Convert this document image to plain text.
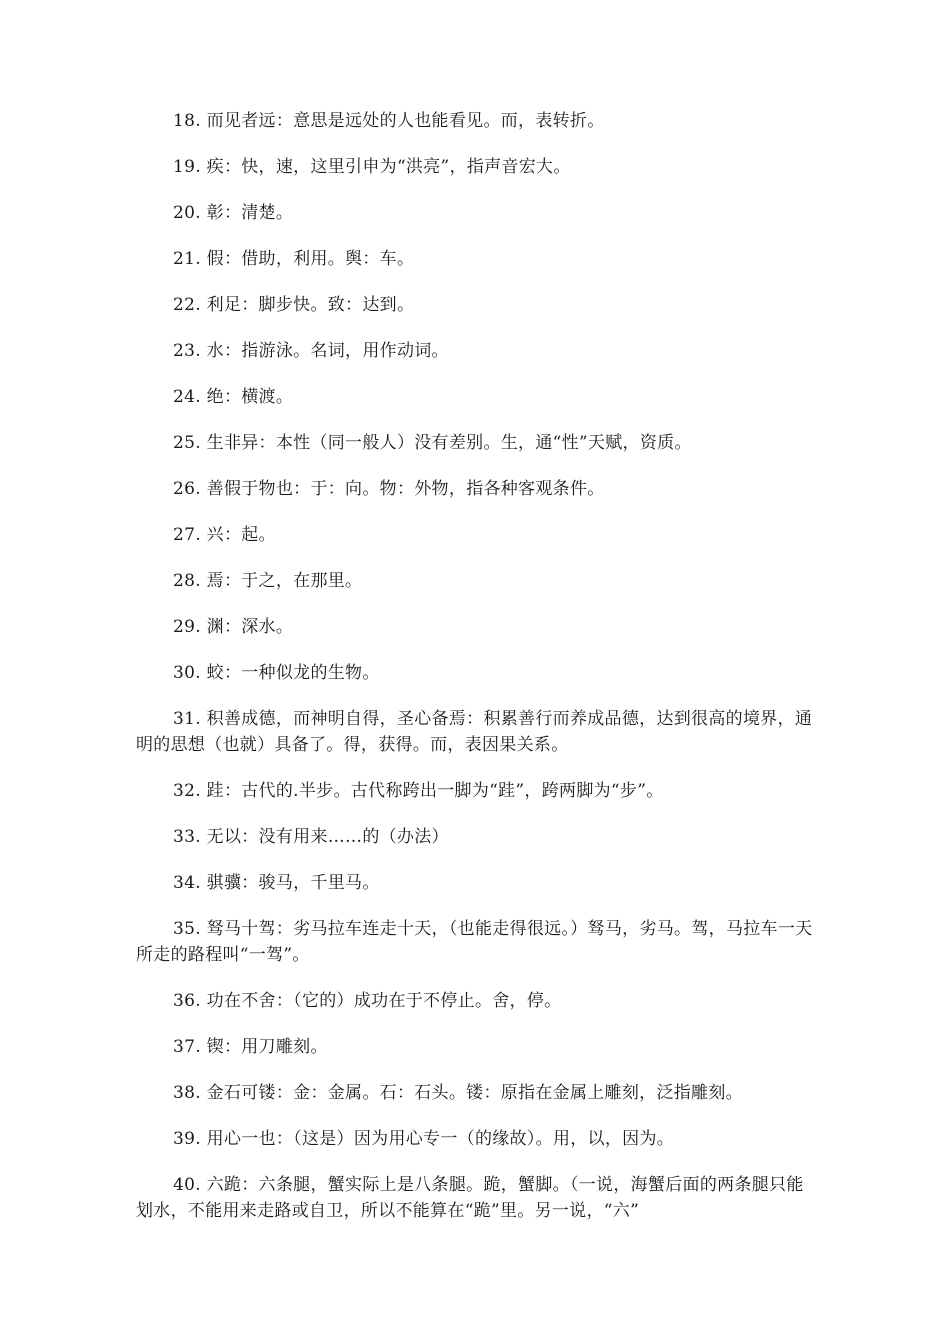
18. 而见者远：意思是远处的人也能看见。而，表转折。
19. 疾：快，速，这里引申为“洪亮”，指声音宏大。
20. 彰：清楚。
21. 假：借助，利用。舆：车。
22. 利足：脚步快。致：达到。
23. 水：指游泳。名词，用作动词。
24. 绝：横渡。
25. 生非异：本性（同一般人）没有差别。生，通“性”天赋，资质。
26. 善假于物也：于：向。物：外物，指各种客观条件。
27. 兴：起。
28. 焉：于之，在那里。
29. 渊：深水。
30. 蛟：一种似龙的生物。
31. 积善成德，而神明自得，圣心备焉：积累善行而养成品德，达到很高的境界，通明的思想（也就）具备了。得，获得。而，表因果关系。
32. 跬：古代的.半步。古代称跨出一脚为“跬”，跨两脚为“步”。
33. 无以：没有用来……的（办法）
34. 骐骥：骏马，千里马。
35. 驽马十驾：劣马拉车连走十天，（也能走得很远。）驽马，劣马。驾，马拉车一天所走的路程叫“一驾”。
36. 功在不舍：（它的）成功在于不停止。舍，停。
37. 锲：用刀雕刻。
38. 金石可镂：金：金属。石：石头。镂：原指在金属上雕刻，泛指雕刻。
39. 用心一也：（这是）因为用心专一（的缘故）。用，以，因为。
40. 六跪：六条腿，蟹实际上是八条腿。跪，蟹脚。（一说，海蟹后面的两条腿只能划水，不能用来走路或自卫，所以不能算在“跪”里。另一说，“六”
